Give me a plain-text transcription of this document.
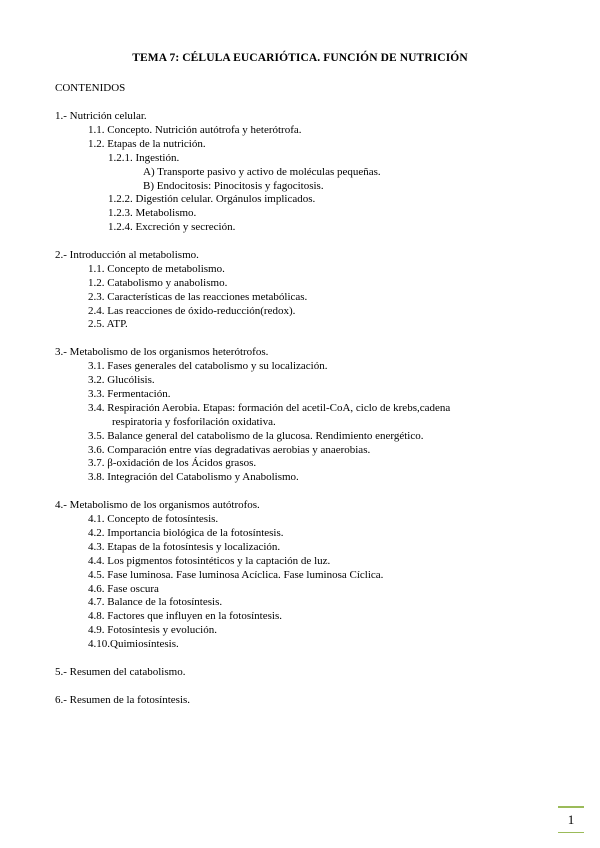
TEMA 7: CÉLULA EUCARIÓTICA. FUNCIÓN DE NUTRICIÓN
CONTENIDOS
1.- Nutrición celular.
1.1. Concepto. Nutrición autótrofa y heterótrofa.
1.2. Etapas de la nutrición.
1.2.1. Ingestión.
A) Transporte pasivo y activo de moléculas pequeñas.
B) Endocitosis: Pinocitosis y fagocitosis.
1.2.2. Digestión celular. Orgánulos implicados.
1.2.3. Metabolismo.
1.2.4. Excreción y secreción.
2.- Introducción al metabolismo.
1.1. Concepto de metabolismo.
1.2. Catabolismo y anabolismo.
2.3. Características de las reacciones metabólicas.
2.4. Las reacciones de óxido-reducción(redox).
2.5. ATP.
3.- Metabolismo de los organismos heterótrofos.
3.1. Fases generales del catabolismo y su localización.
3.2. Glucólisis.
3.3. Fermentación.
3.4. Respiración Aerobia. Etapas: formación del acetil-CoA, ciclo de krebs,cadena
respiratoria y fosforilación oxidativa.
3.5. Balance general del catabolismo de la glucosa. Rendimiento energético.
3.6. Comparación entre vías degradativas aerobias y anaerobias.
3.7. β-oxidación de los Ácidos grasos.
3.8. Integración del Catabolismo y Anabolismo.
4.- Metabolismo de los organismos autótrofos.
4.1. Concepto de fotosíntesis.
4.2. Importancia biológica de la fotosíntesis.
4.3. Etapas de la fotosíntesis y localización.
4.4. Los pigmentos fotosintéticos y la captación de luz.
4.5. Fase luminosa. Fase luminosa Acíclica. Fase luminosa Cíclica.
4.6. Fase oscura
4.7. Balance de la fotosíntesis.
4.8. Factores que influyen en la fotosíntesis.
4.9. Fotosíntesis y evolución.
4.10.Quimiosíntesis.
5.- Resumen del catabolismo.
6.- Resumen de la fotosíntesis.
1
